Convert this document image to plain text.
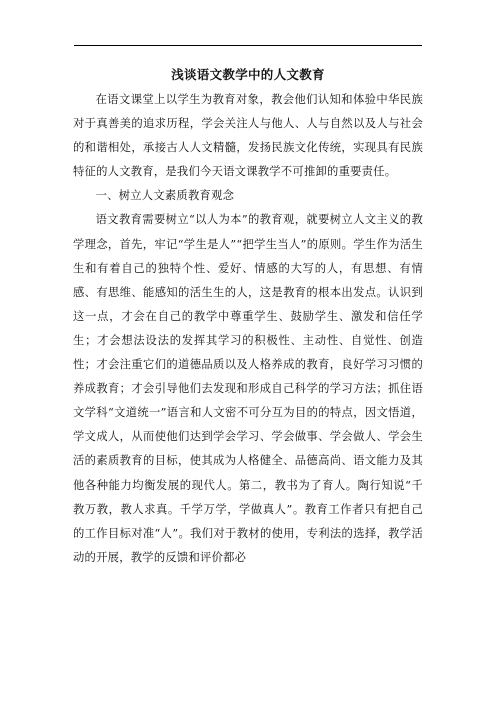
浅谈语文教学中的人文教育

在语文课堂上以学生为教育对象，教会他们认知和体验中华民族对于真善美的追求历程，学会关注人与他人、人与自然以及人与社会的和谐相处，承接古人人文精髓，发扬民族文化传统，实现具有民族特征的人文教育，是我们今天语文课教学不可推卸的重要责任。

一、树立人文素质教育观念

语文教育需要树立“以人为本”的教育观，就要树立人文主义的教学理念，首先，牢记“学生是人”“把学生当人”的原则。学生作为活生生和有着自己的独特个性、爱好、情感的大写的人，有思想、有情感、有思维、能感知的活生生的人，这是教育的根本出发点。认识到这一点，才会在自己的教学中尊重学生、鼓励学生、激发和信任学生；才会想法设法的发挥其学习的积极性、主动性、自觉性、创造性；才会注重它们的道德品质以及人格养成的教育，良好学习习惯的养成教育；才会引导他们去发现和形成自己科学的学习方法；抓住语文学科“文道统一”语言和人文密不可分互为目的的特点，因文悟道，学文成人，从而使他们达到学会学习、学会做事、学会做人、学会生活的素质教育的目标，使其成为人格健全、品德高尚、语文能力及其他各种能力均衡发展的现代人。第二，教书为了育人。陶行知说“千教万教，教人求真。千学万学，学做真人”。教育工作者只有把自己的工作目标对准“人”。我们对于教材的使用，专利法的选择，教学活动的开展，教学的反馈和评价都必
